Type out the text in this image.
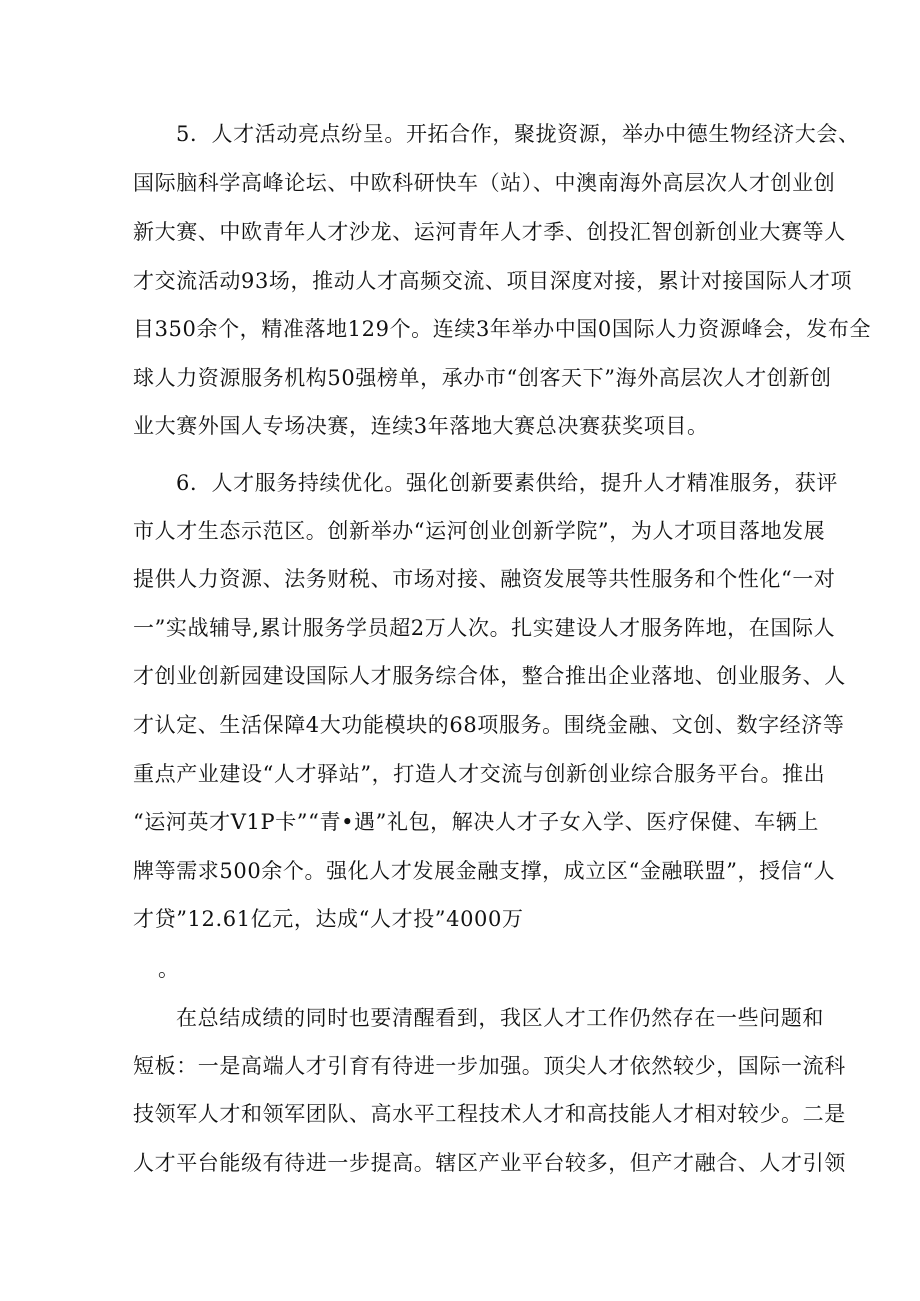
5．人才活动亮点纷呈。开拓合作，聚拢资源，举办中德生物经济大会、
国际脑科学高峰论坛、中欧科研快车（站）、中澳南海外高层次人才创业创
新大赛、中欧青年人才沙龙、运河青年人才季、创投汇智创新创业大赛等人
才交流活动93场，推动人才高频交流、项目深度对接，累计对接国际人才项
目350余个，精准落地129个。连续3年举办中国0国际人力资源峰会，发布全
球人力资源服务机构50强榜单，承办市“创客天下”海外高层次人才创新创
业大赛外国人专场决赛，连续3年落地大赛总决赛获奖项目。
6．人才服务持续优化。强化创新要素供给，提升人才精准服务，获评
市人才生态示范区。创新举办“运河创业创新学院”，为人才项目落地发展
提供人力资源、法务财税、市场对接、融资发展等共性服务和个性化“一对
一”实战辅导,累计服务学员超2万人次。扎实建设人才服务阵地，在国际人
才创业创新园建设国际人才服务综合体，整合推出企业落地、创业服务、人
才认定、生活保障4大功能模块的68项服务。围绕金融、文创、数字经济等
重点产业建设“人才驿站”，打造人才交流与创新创业综合服务平台。推出
“运河英才V1P卡”“青•遇”礼包，解决人才子女入学、医疗保健、车辆上
牌等需求500余个。强化人才发展金融支撑，成立区“金融联盟”，授信“人
才贷”12.61亿元，达成“人才投”4000万
。
在总结成绩的同时也要清醒看到，我区人才工作仍然存在一些问题和
短板：一是高端人才引育有待进一步加强。顶尖人才依然较少，国际一流科
技领军人才和领军团队、高水平工程技术人才和高技能人才相对较少。二是
人才平台能级有待进一步提高。辖区产业平台较多，但产才融合、人才引领
